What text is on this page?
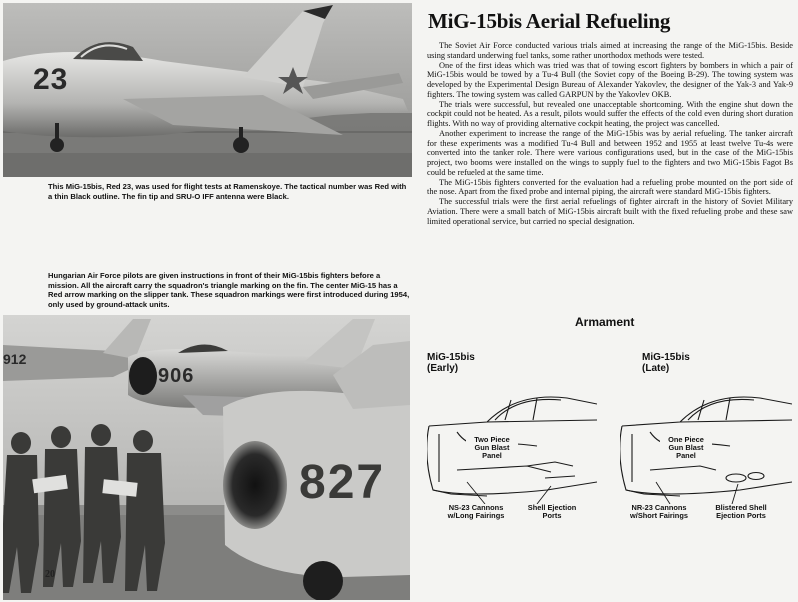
23
This MiG-15bis, Red 23, was used for flight tests at Ramenskoye. The tactical number was Red with a thin Black outline. The fin tip and SRU-O IFF antenna were Black.
Hungarian Air Force pilots are given instructions in front of their MiG-15bis fighters before a mission. All the aircraft carry the squadron's triangle marking on the fin. The center MiG-15 has a Red arrow marking on the slipper tank. These squadron markings were first introduced during 1954, only used by ground-attack units.
912
906
827
20
MiG-15bis Aerial Refueling

The Soviet Air Force conducted various trials aimed at increasing the range of the MiG-15bis. Beside using standard underwing fuel tanks, some rather unorthodox methods were tested.

One of the first ideas which was tried was that of towing escort fighters by bombers in which a pair of MiG-15bis would be towed by a Tu-4 Bull (the Soviet copy of the Boeing B-29). The towing system was developed by the Experimental Design Bureau of Alexander Yakovlev, the designer of the Yak-3 and Yak-9 fighters. The towing system was called GARPUN by the Yakovlev OKB.

The trials were successful, but revealed one unacceptable shortcoming. With the engine shut down the cockpit could not be heated. As a result, pilots would suffer the effects of the cold even during short duration flights. With no way of providing alternative cockpit heating, the project was cancelled.

Another experiment to increase the range of the MiG-15bis was by aerial refueling. The tanker aircraft for these experiments was a modified Tu-4 Bull and between 1952 and 1955 at least twelve Tu-4s were converted into the tanker role. There were various configurations used, but in the case of the MiG-15bis project, two booms were installed on the wings to supply fuel to the fighters and two MiG-15bis Fagot Bs could be refueled at the same time.

The MiG-15bis fighters converted for the evaluation had a refueling probe mounted on the port side of the nose. Apart from the fixed probe and internal piping, the aircraft were standard MiG-15bis fighters.

The successful trials were the first aerial refuelings of fighter aircraft in the history of Soviet Military Aviation. There were a small batch of MiG-15bis aircraft built with the fixed refueling probe and these saw limited operational service, but carried no special designation.

Armament
MiG-15bis
(Early)
MiG-15bis
(Late)
Two Piece Gun Blast Panel
NS-23 Cannons w/Long Fairings
Shell Ejection Ports
One Piece Gun Blast Panel
NR-23 Cannons w/Short Fairings
Blistered Shell Ejection Ports
